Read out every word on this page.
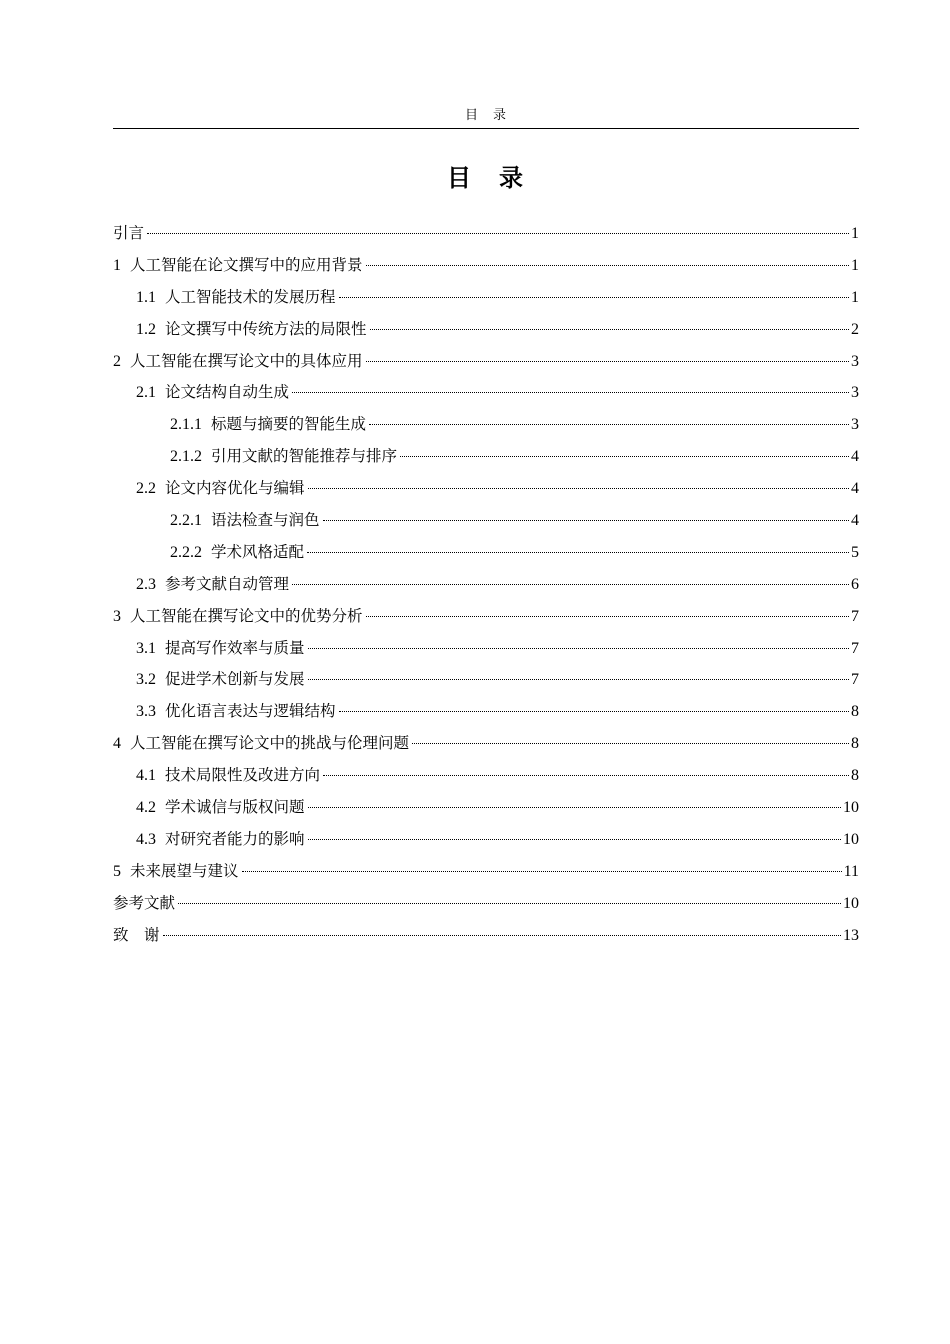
目　录
目　录
引言	1
1 人工智能在论文撰写中的应用背景	1
1.1 人工智能技术的发展历程	1
1.2 论文撰写中传统方法的局限性	2
2 人工智能在撰写论文中的具体应用	3
2.1 论文结构自动生成	3
2.1.1 标题与摘要的智能生成	3
2.1.2 引用文献的智能推荐与排序	4
2.2 论文内容优化与编辑	4
2.2.1 语法检查与润色	4
2.2.2 学术风格适配	5
2.3 参考文献自动管理	6
3 人工智能在撰写论文中的优势分析	7
3.1 提高写作效率与质量	7
3.2 促进学术创新与发展	7
3.3 优化语言表达与逻辑结构	8
4 人工智能在撰写论文中的挑战与伦理问题	8
4.1 技术局限性及改进方向	8
4.2 学术诚信与版权问题	10
4.3 对研究者能力的影响	10
5 未来展望与建议	11
参考文献	10
致　谢	13
